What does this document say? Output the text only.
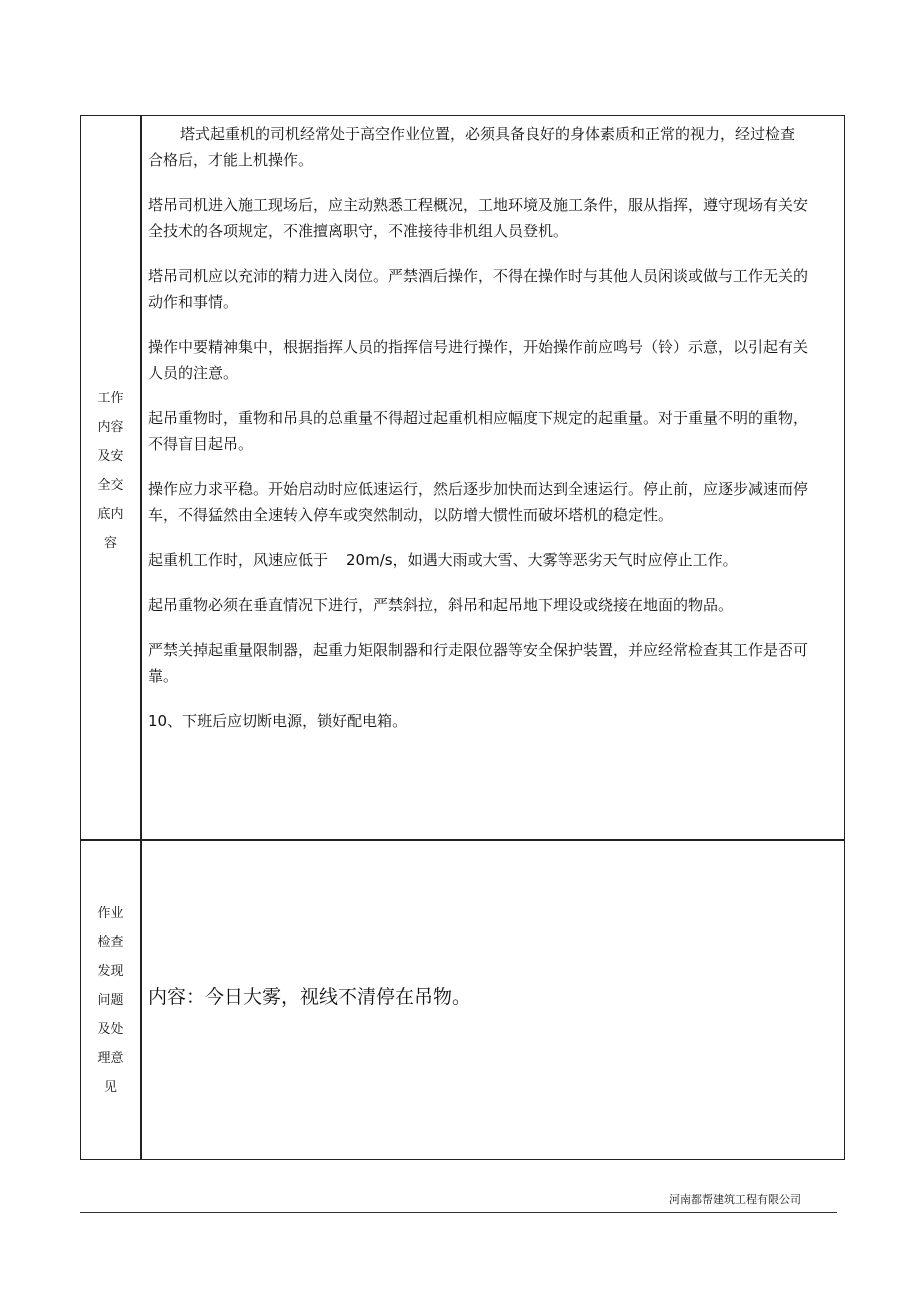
工作
内容
及安
全交
底内
容
作业
检查
发现
问题
及处
理意
见

塔式起重机的司机经常处于高空作业位置，必须具备良好的身体素质和正常的视力，经过检查合格后，才能上机操作。

塔吊司机进入施工现场后，应主动熟悉工程概况，工地环境及施工条件，服从指挥，遵守现场有关安全技术的各项规定，不准擅离职守，不准接待非机组人员登机。

塔吊司机应以充沛的精力进入岗位。严禁酒后操作，不得在操作时与其他人员闲谈或做与工作无关的动作和事情。

操作中要精神集中，根据指挥人员的指挥信号进行操作，开始操作前应鸣号（铃）示意，以引起有关人员的注意。

起吊重物时，重物和吊具的总重量不得超过起重机相应幅度下规定的起重量。对于重量不明的重物，不得盲目起吊。

操作应力求平稳。开始启动时应低速运行，然后逐步加快而达到全速运行。停止前，应逐步减速而停车，不得猛然由全速转入停车或突然制动，以防增大惯性而破坏塔机的稳定性。

起重机工作时，风速应低于 20m/s，如遇大雨或大雪、大雾等恶劣天气时应停止工作。

起吊重物必须在垂直情况下进行，严禁斜拉，斜吊和起吊地下埋设或绕接在地面的物品。

严禁关掉起重量限制器，起重力矩限制器和行走限位器等安全保护装置，并应经常检查其工作是否可靠。

10、下班后应切断电源，锁好配电箱。

内容：今日大雾，视线不清停在吊物。
河南都帮建筑工程有限公司
